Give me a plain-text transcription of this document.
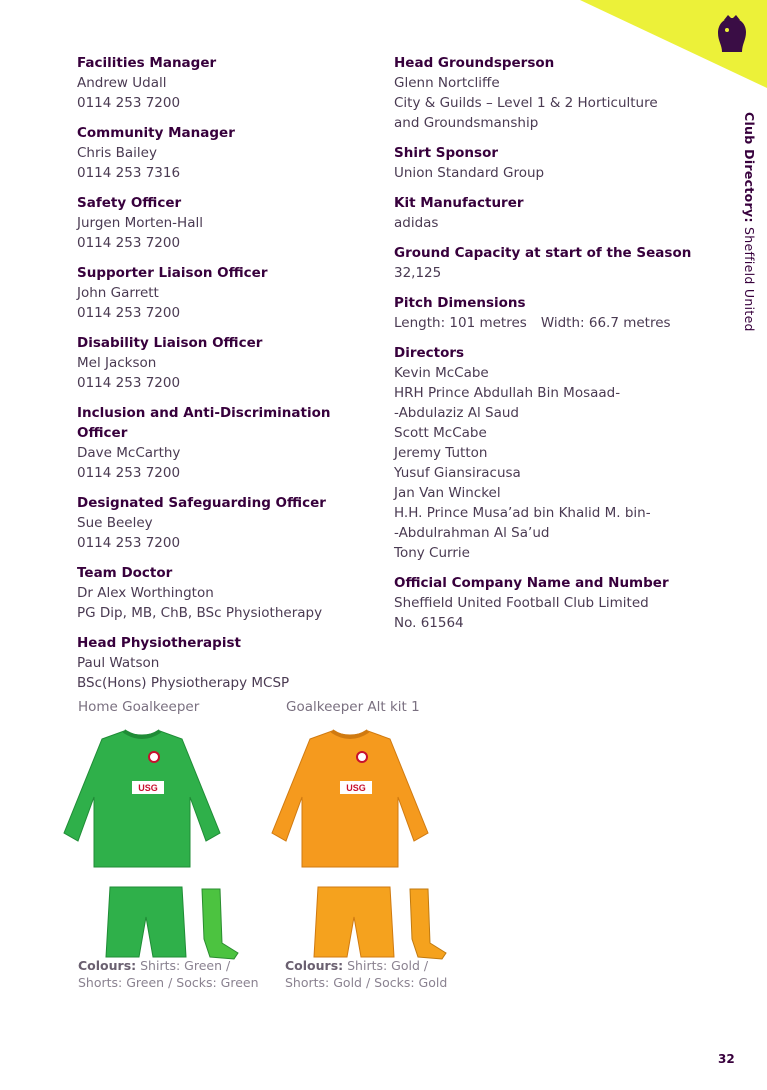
Club Directory: Sheffield United
Facilities Manager

Andrew Udall

0114 253 7200

Community Manager

Chris Bailey

0114 253 7316

Safety Officer

Jurgen Morten-Hall

0114 253 7200

Supporter Liaison Officer

John Garrett

0114 253 7200

Disability Liaison Officer

Mel Jackson

0114 253 7200

Inclusion and Anti-Discrimination Officer

Dave McCarthy

0114 253 7200

Designated Safeguarding Officer

Sue Beeley

0114 253 7200

Team Doctor

Dr Alex Worthington

PG Dip, MB, ChB, BSc Physiotherapy

Head Physiotherapist

Paul Watson

BSc(Hons) Physiotherapy MCSP

Head Groundsperson

Glenn Nortcliffe

City & Guilds – Level 1 & 2 Horticulture

and Groundsmanship

Shirt Sponsor

Union Standard Group

Kit Manufacturer

adidas

Ground Capacity at start of the Season

32,125

Pitch Dimensions

Length: 101 metres Width: 66.7 metres

Directors

Kevin McCabe

HRH Prince Abdullah Bin Mosaad-

-Abdulaziz Al Saud

Scott McCabe

Jeremy Tutton

Yusuf Giansiracusa

Jan Van Winckel

H.H. Prince Musa’ad bin Khalid M. bin-

-Abdulrahman Al Sa’ud

Tony Currie

Official Company Name and Number

Sheffield United Football Club Limited

No. 61564

Home Goalkeeper
USG
Goalkeeper Alt kit 1
USG
Colours: Shirts: Green / Shorts: Green / Socks: Green
Colours: Shirts: Gold / Shorts: Gold / Socks: Gold
32
